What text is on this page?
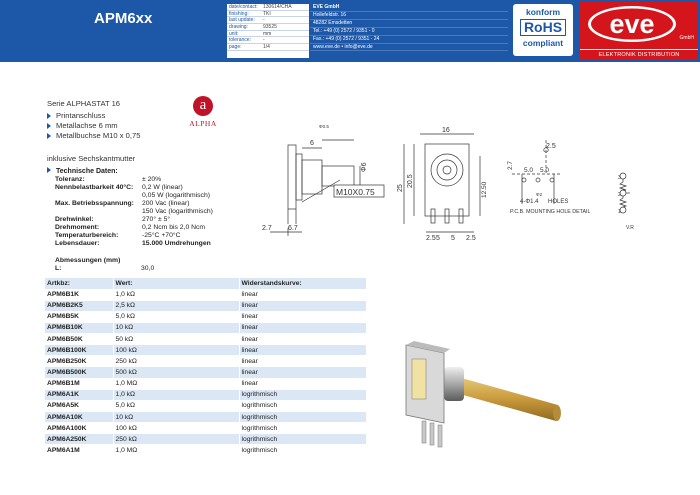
APM6xx
date/contact:	130614/CHA
finishing:	TKI
last update:	-
drawing:	93525
unit:	mm
tolerance:	-
page:	1/4
EVE GmbH
Hollefeldstr. 16
48282 Emsdetten
Tel.: +49 (0) 2572 / 9351 - 0
Fax.: +49 (0) 2572 / 9351 - 24
www.eve.de • info@eve.de
konform
RoHS
compliant
eve	GmbH
ELEKTRONIK DISTRIBUTION
Serie ALPHASTAT 16
Printanschluss
Metallachse 6 mm
Metallbuchse M10 x 0,75
a
ALPHA
inklusive Sechskantmutter
Technische Daten:
Toleranz:	± 20%
Nennbelastbarkeit 40°C: 0,2 W (linear)
0,05 W (logarithmisch)
Max. Betriebsspannung: 200 Vac (linear)
150 Vac (logarithmisch)
Drehwinkel:	270° ± 5°
Drehmoment:	0,2 Ncm bis 2,0 Ncm
Temperaturbereich:	-25°C +70°C
Lebensdauer:	15.000 Umdrehungen
Abmessungen (mm)
L:	30,0
Artkbz:	Wert:	Widerstandskurve:
APM6B1K	1,0 kΩ	linear
APM6B2K5	2,5 kΩ	linear
APM6B5K	5,0 kΩ	linear
APM6B10K	10 kΩ	linear
APM6B50K	50 kΩ	linear
APM6B100K	100 kΩ	linear
APM6B250K	250 kΩ	linear
APM6B500K	500 kΩ	linear
APM6B1M	1,0 MΩ	linear
APM6A1K	1,0 kΩ	logrithmisch
APM6A5K	5,0 kΩ	logrithmisch
APM6A10K	10 kΩ	logrithmisch
APM6A100K	100 kΩ	logrithmisch
APM6A250K	250 kΩ	logrithmisch
APM6A1M	1,0 MΩ	logrithmisch
Φ0.5
6
Φ6
M10X0.75
2.7 6.7
16
20.5
25	12.50
5 5
2.5	2.5
2.5
5.0 5.0
2.7
Φ2
4-Φ1.4 HOLES
P.C.B. MOUNTING HOLE DETAIL
3
2
1
V.R
